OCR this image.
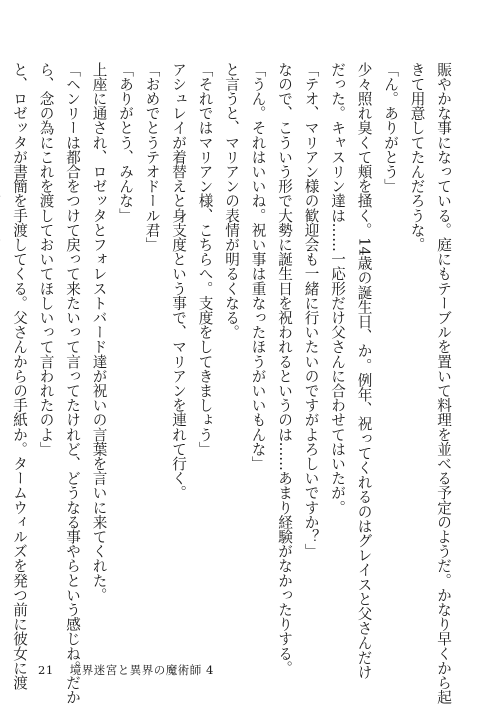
賑やかな事になっている。庭にもテーブルを置いて料理を並べる予定のようだ。かなり早くから起

きて用意してたんだろうな。

「ん。ありがとう」

少々照れ臭くて頬を掻く。14歳の誕生日、か。例年、祝ってくれるのはグレイスと父さんだけ

だった。キャスリン達は……一応形だけ父さんに合わせてはいたが。

「テオ、マリアン様の歓迎会も一緒に行いたいのですがよろしいですか？」

なので、こういう形で大勢に誕生日を祝われるというのは……あまり経験がなかったりする。

「うん。それはいいね。祝い事は重なったほうがいいもんな」

と言うと、マリアンの表情が明るくなる。

「それではマリアン様、こちらへ。支度をしてきましょう」

アシュレイが着替えと身支度という事で、マリアンを連れて行く。

「おめでとうテオドール君」

「ありがとう、みんな」

上座に通され、ロゼッタとフォレストバード達が祝いの言葉を言いに来てくれた。

「ヘンリーは都合をつけて戻って来たいって言ってたけれど、どうなる事やらという感じね。だか

ら、念の為にこれを渡しておいてほしいって言われたのよ」

と、ロゼッタが書簡を手渡してくる。父さんからの手紙か。タームウィルズを発つ前に彼女に渡 21 境界迷宮と異界の魔術師 4
